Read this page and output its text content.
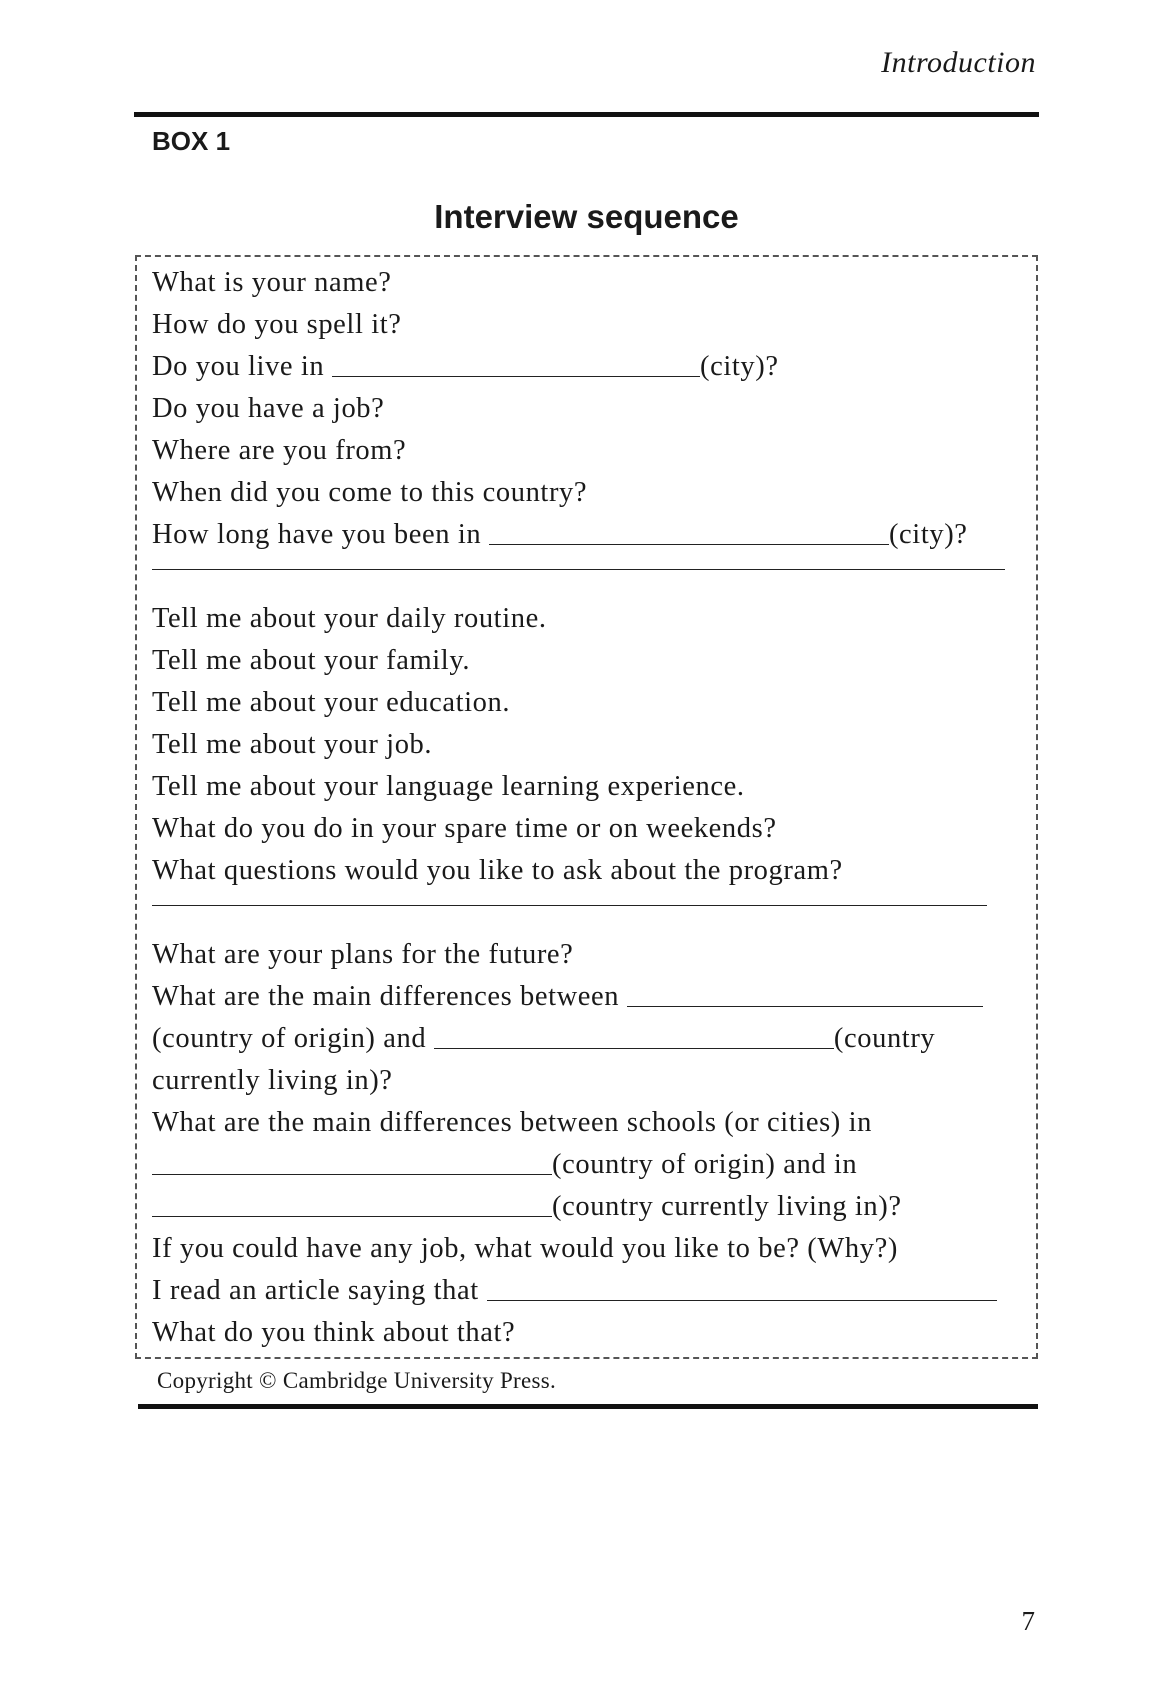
Introduction
BOX 1
Interview sequence
What is your name?
How do you spell it?
Do you live in	(city)?
Do you have a job?
Where are you from?
When did you come to this country?
How long have you been in	(city)?
Tell me about your daily routine.
Tell me about your family.
Tell me about your education.
Tell me about your job.
Tell me about your language learning experience.
What do you do in your spare time or on weekends?
What questions would you like to ask about the program?
What are your plans for the future?
What are the main differences between
(country of origin) and	(country
currently living in)?
What are the main differences between schools (or cities) in
(country of origin) and in
(country currently living in)?
If you could have any job, what would you like to be? (Why?)
I read an article saying that
What do you think about that?
Copyright © Cambridge University Press.
7
